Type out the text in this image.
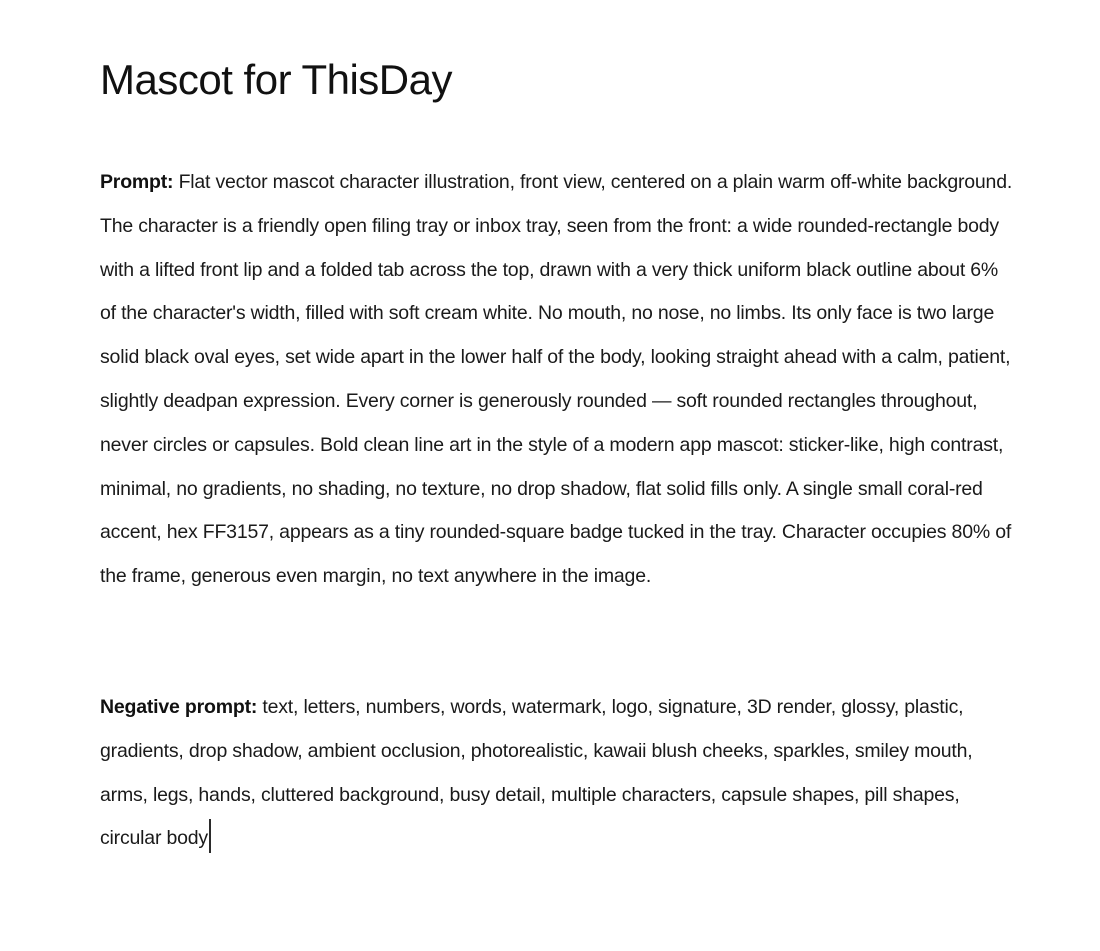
Mascot for ThisDay

Prompt: Flat vector mascot character illustration, front view, centered on a plain warm off-white background. The character is a friendly open filing tray or inbox tray, seen from the front: a wide rounded-rectangle body with a lifted front lip and a folded tab across the top, drawn with a very thick uniform black outline about 6% of the character's width, filled with soft cream white. No mouth, no nose, no limbs. Its only face is two large solid black oval eyes, set wide apart in the lower half of the body, looking straight ahead with a calm, patient, slightly deadpan expression. Every corner is generously rounded — soft rounded rectangles throughout, never circles or capsules. Bold clean line art in the style of a modern app mascot: sticker-like, high contrast, minimal, no gradients, no shading, no texture, no drop shadow, flat solid fills only. A single small coral-red accent, hex FF3157, appears as a tiny rounded-square badge tucked in the tray. Character occupies 80% of the frame, generous even margin, no text anywhere in the image.

Negative prompt: text, letters, numbers, words, watermark, logo, signature, 3D render, glossy, plastic, gradients, drop shadow, ambient occlusion, photorealistic, kawaii blush cheeks, sparkles, smiley mouth, arms, legs, hands, cluttered background, busy detail, multiple characters, capsule shapes, pill shapes, circular body
